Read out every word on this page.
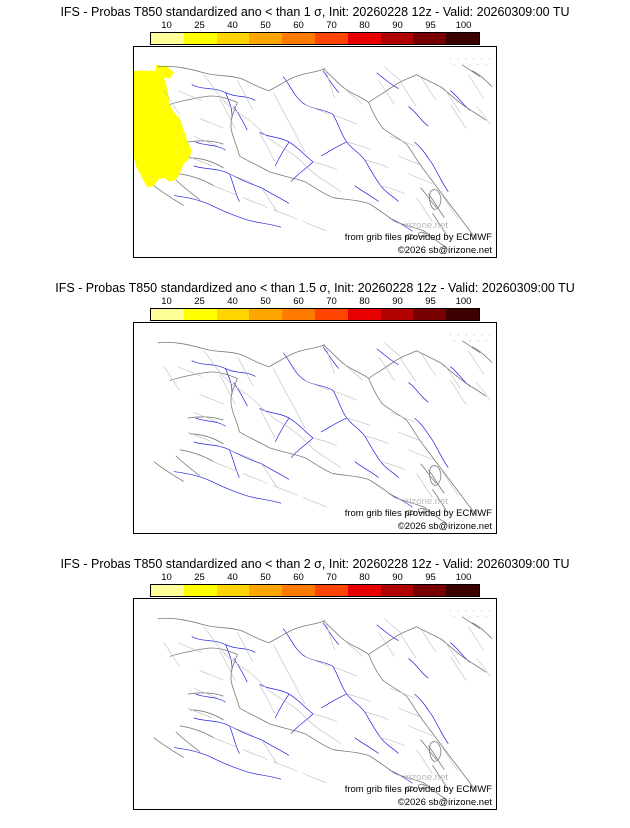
IFS - Probas T850 standardized ano < than 1 σ, Init: 20260228 12z - Valid: 20260309:00 TU
10 25 40 50 60 70 80 90 95 100
irizone.net
from grib files provided by ECMWF
©2026 sb@irizone.net
IFS - Probas T850 standardized ano < than 1.5 σ, Init: 20260228 12z - Valid: 20260309:00 TU
10 25 40 50 60 70 80 90 95 100
irizone.net
from grib files provided by ECMWF
©2026 sb@irizone.net
IFS - Probas T850 standardized ano < than 2 σ, Init: 20260228 12z - Valid: 20260309:00 TU
10 25 40 50 60 70 80 90 95 100
irizone.net
from grib files provided by ECMWF
©2026 sb@irizone.net
